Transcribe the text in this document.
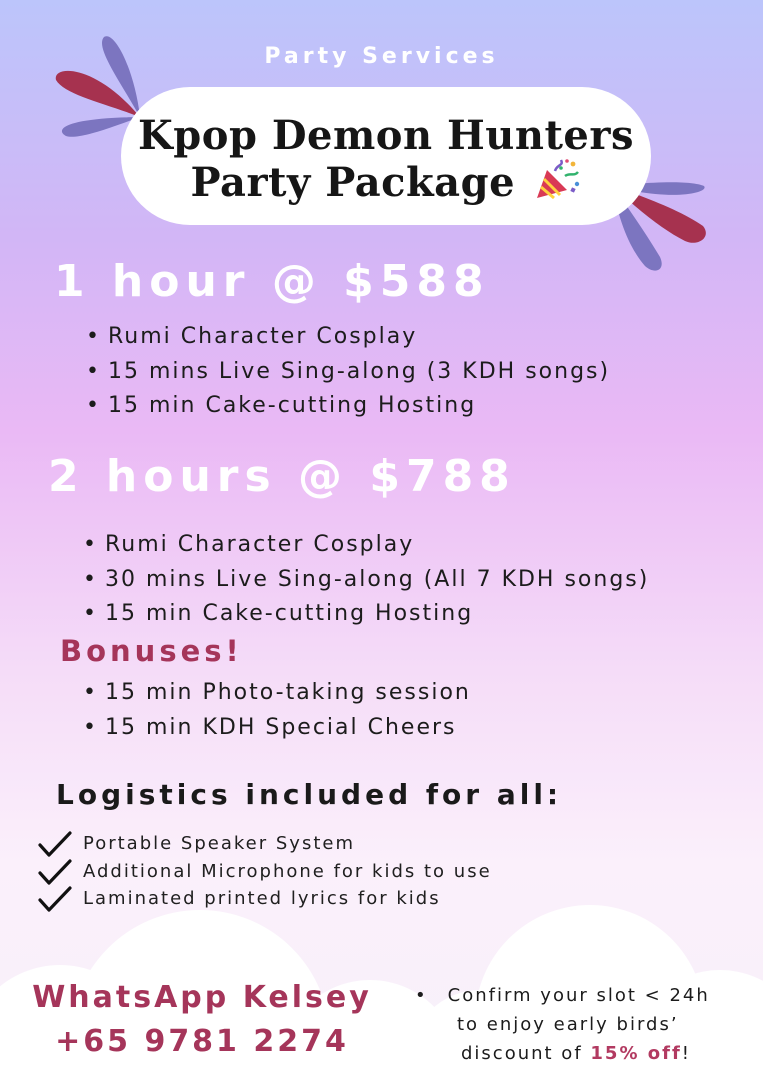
Party Services
Kpop Demon Hunters
Party Package
1 hour @ $588
• Rumi Character Cosplay
• 15 mins Live Sing-along (3 KDH songs)
• 15 min Cake-cutting Hosting
2 hours @ $788
• Rumi Character Cosplay
• 30 mins Live Sing-along (All 7 KDH songs)
• 15 min Cake-cutting Hosting
Bonuses!
• 15 min Photo-taking session
• 15 min KDH Special Cheers
Logistics included for all:
Portable Speaker System
Additional Microphone for kids to use
Laminated printed lyrics for kids
WhatsApp Kelsey
+65 9781 2274
• Confirm your slot < 24h
to enjoy early birds’
discount of 15% off!
